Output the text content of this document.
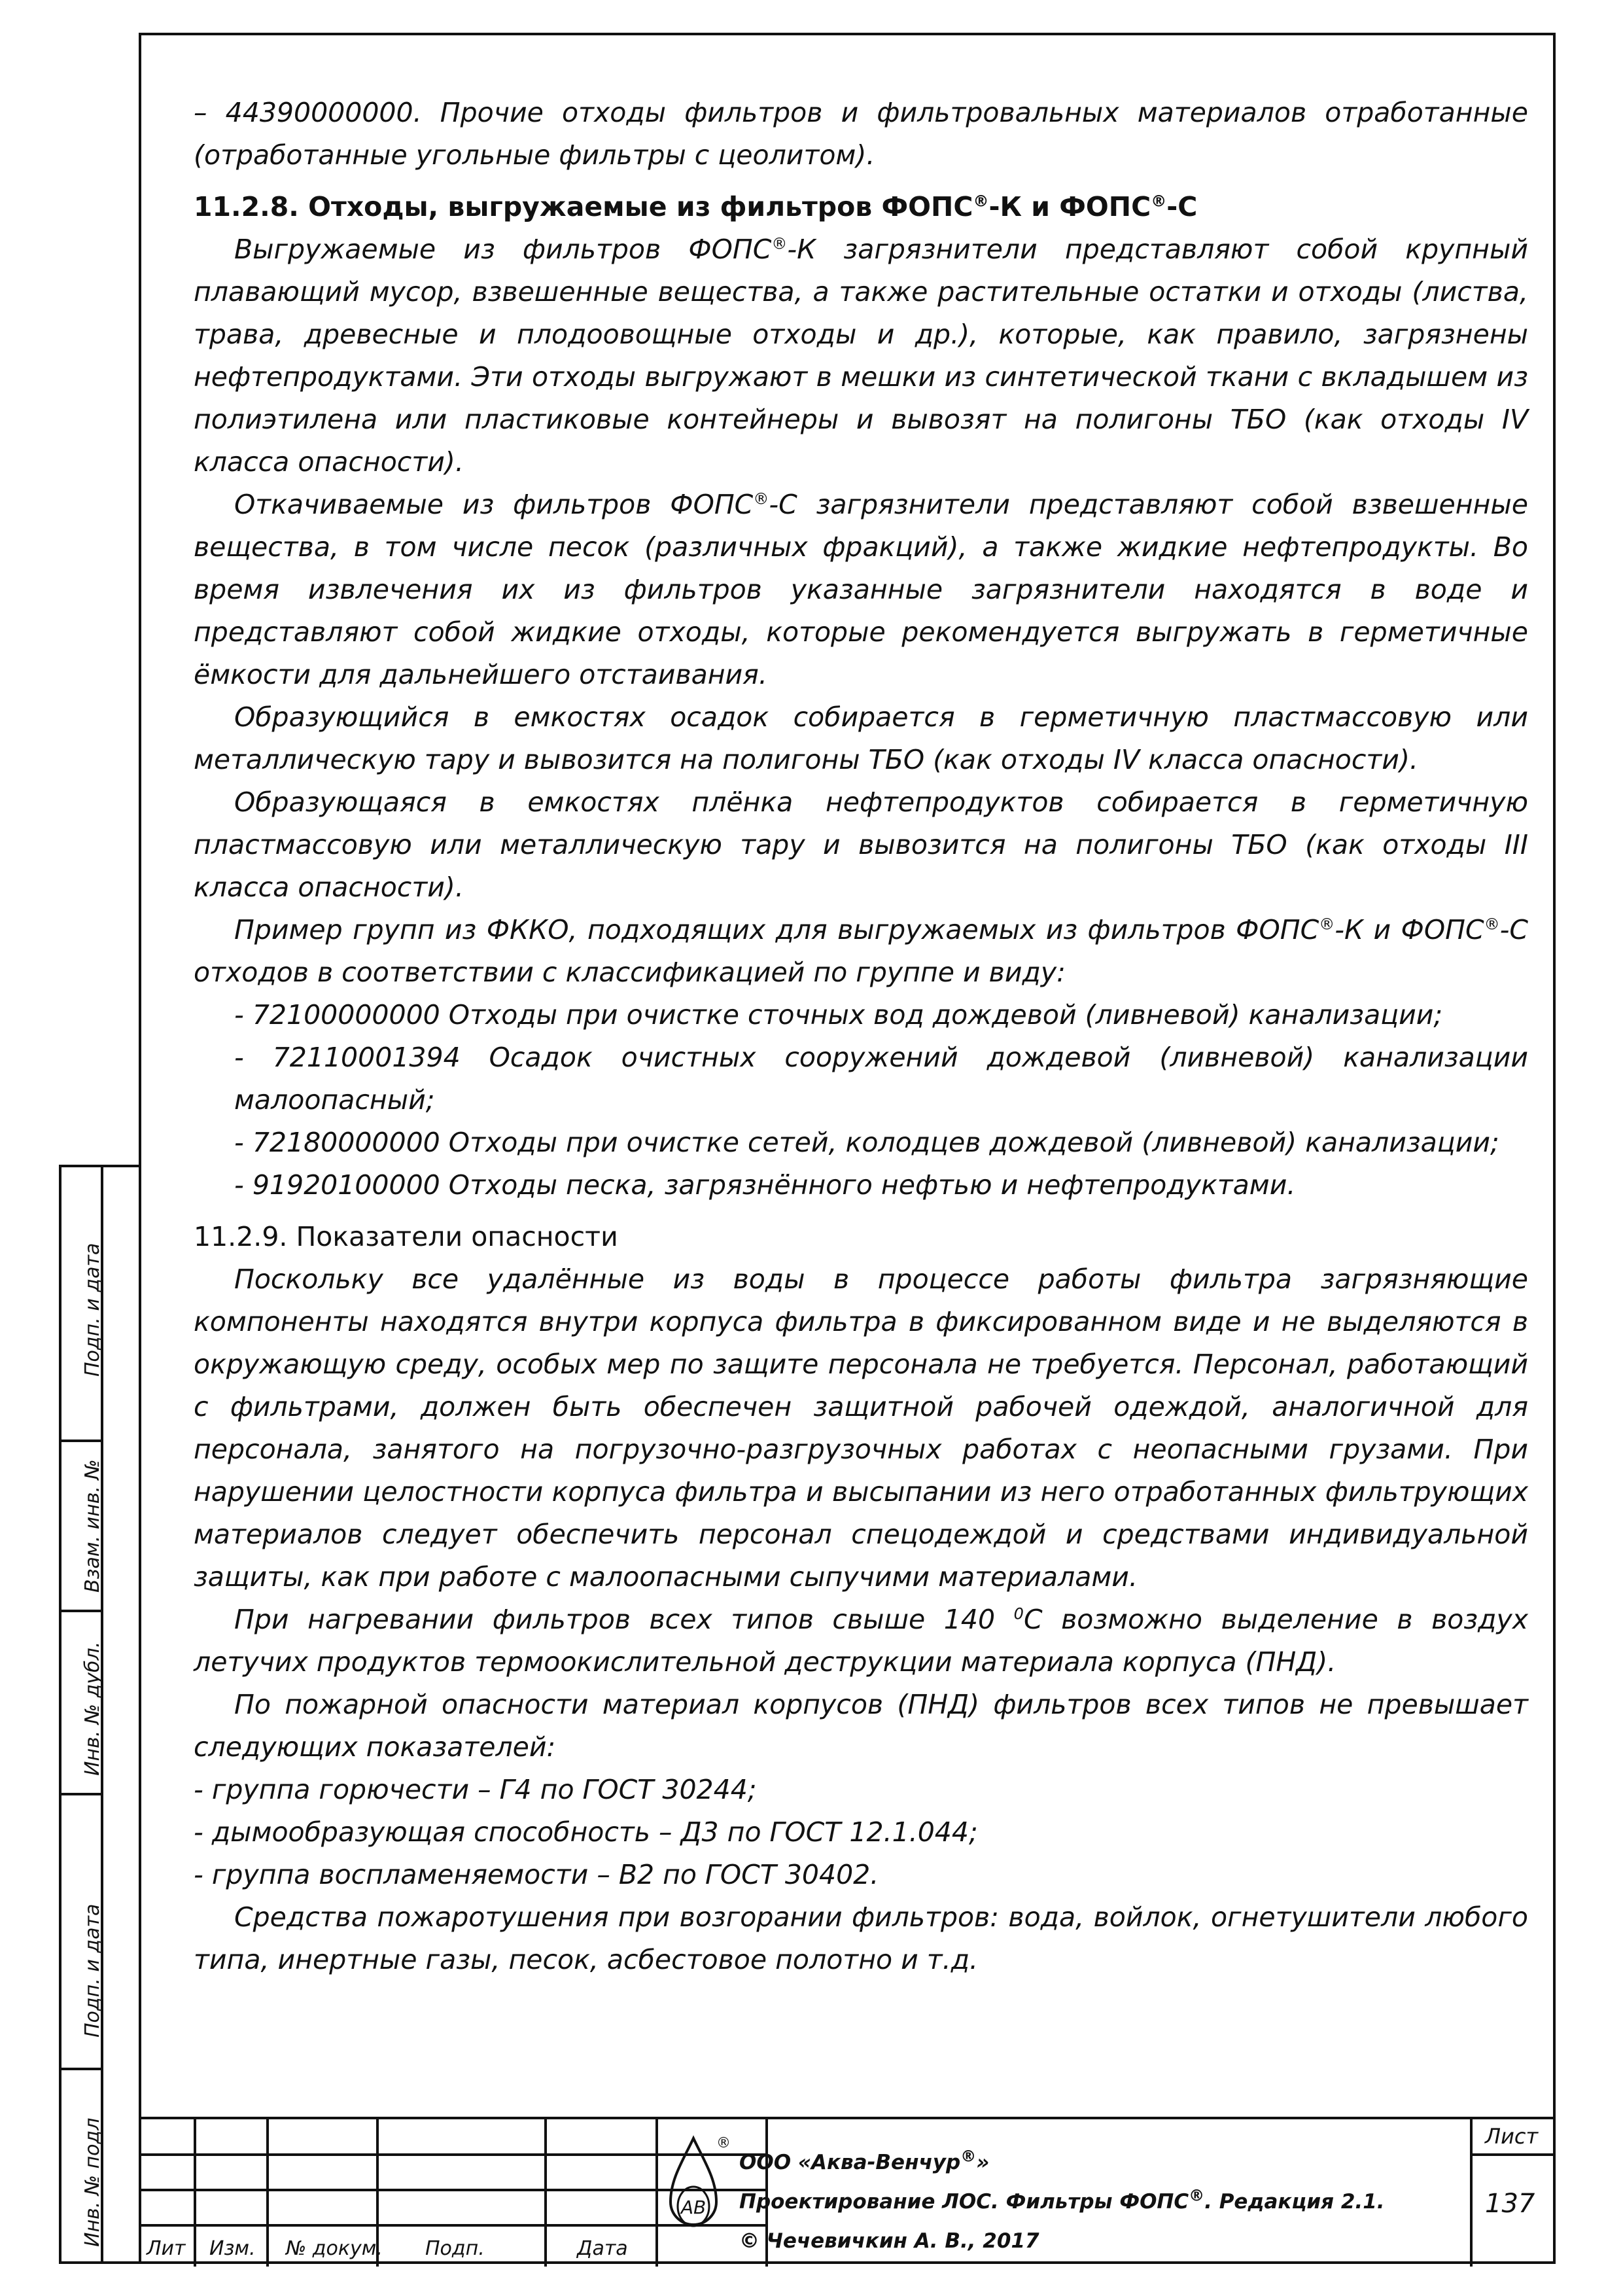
– 44390000000. Прочие отходы фильтров и фильтровальных материалов отработанные (отработанные угольные фильтры с цеолитом).

11.2.8. Отходы, выгружаемые из фильтров ФОПС®-К и ФОПС®-С

Выгружаемые из фильтров ФОПС®-К загрязнители представляют собой крупный плавающий мусор, взвешенные вещества, а также растительные остатки и отходы (листва, трава, древесные и плодоовощные отходы и др.), которые, как правило, загрязнены нефтепродуктами. Эти отходы выгружают в мешки из синтетической ткани с вкладышем из полиэтилена или пластиковые контейнеры и вывозят на полигоны ТБО (как отходы IV класса опасности).

Откачиваемые из фильтров ФОПС®-С загрязнители представляют собой взвешенные вещества, в том числе песок (различных фракций), а также жидкие нефтепродукты. Во время извлечения их из фильтров указанные загрязнители находятся в воде и представляют собой жидкие отходы, которые рекомендуется выгружать в герметичные ёмкости для дальнейшего отстаивания.

Образующийся в емкостях осадок собирается в герметичную пластмассовую или металлическую тару и вывозится на полигоны ТБО (как отходы IV класса опасности).

Образующаяся в емкостях плёнка нефтепродуктов собирается в герметичную пластмассовую или металлическую тару и вывозится на полигоны ТБО (как отходы III класса опасности).

Пример групп из ФККО, подходящих для выгружаемых из фильтров ФОПС®-К и ФОПС®-С отходов в соответствии с классификацией по группе и виду:

- 72100000000 Отходы при очистке сточных вод дождевой (ливневой) канализации;

- 72110001394 Осадок очистных сооружений дождевой (ливневой) канализации малоопасный;

- 72180000000 Отходы при очистке сетей, колодцев дождевой (ливневой) канализации;

- 91920100000 Отходы песка, загрязнённого нефтью и нефтепродуктами.

11.2.9. Показатели опасности

Поскольку все удалённые из воды в процессе работы фильтра загрязняющие компоненты находятся внутри корпуса фильтра в фиксированном виде и не выделяются в окружающую среду, особых мер по защите персонала не требуется. Персонал, работающий с фильтрами, должен быть обеспечен защитной рабочей одеждой, аналогичной для персонала, занятого на погрузочно-разгрузочных работах с неопасными грузами. При нарушении целостности корпуса фильтра и высыпании из него отработанных фильтрующих материалов следует обеспечить персонал спецодеждой и средствами индивидуальной защиты, как при работе с малоопасными сыпучими материалами.

При нагревании фильтров всех типов свыше 140 $^0$С возможно выделение в воздух летучих продуктов термоокислительной деструкции материала корпуса (ПНД).

По пожарной опасности материал корпусов (ПНД) фильтров всех типов не превышает следующих показателей:

- группа горючести – Г4 по ГОСТ 30244;

- дымообразующая способность – Д3 по ГОСТ 12.1.044;

- группа воспламеняемости – В2 по ГОСТ 30402.

Средства пожаротушения при возгорании фильтров: вода, войлок, огнетушители любого типа, инертные газы, песок, асбестовое полотно и т.д.

Подп. и дата
Взам. инв. №
Инв. № дубл.
Подп. и дата
Инв. № подл
Лит Изм. № докум. Подп.	Дата
АВ
®
ООО «Аква-Венчур®»
Проектирование ЛОС. Фильтры ФОПС®. Редакция 2.1.
© Чечевичкин А. В., 2017
Лист
137
